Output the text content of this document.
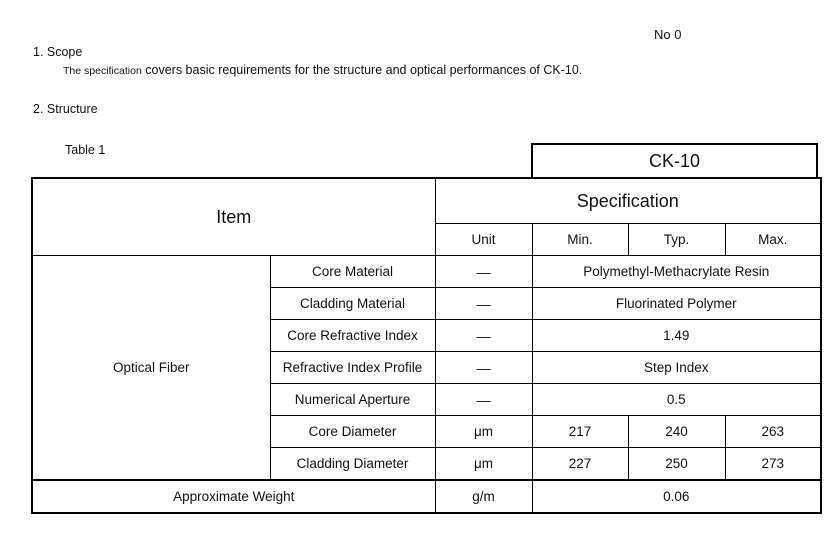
No 0
1. Scope
The specification covers basic requirements for the structure and optical performances of CK-10.
2. Structure
Table 1
CK-10
Item		Specification			
		Unit	Min.	Typ.	Max.
Optical Fiber	Core Material	—	Polymethyl-Methacrylate Resin		
	Cladding Material	—	Fluorinated Polymer		
	Core Refractive Index	—	1.49		
	Refractive Index Profile	—	Step Index		
	Numerical Aperture	—	0.5		
	Core Diameter	μm	217	240	263
	Cladding Diameter	μm	227	250	273
Approximate Weight		g/m	0.06		
